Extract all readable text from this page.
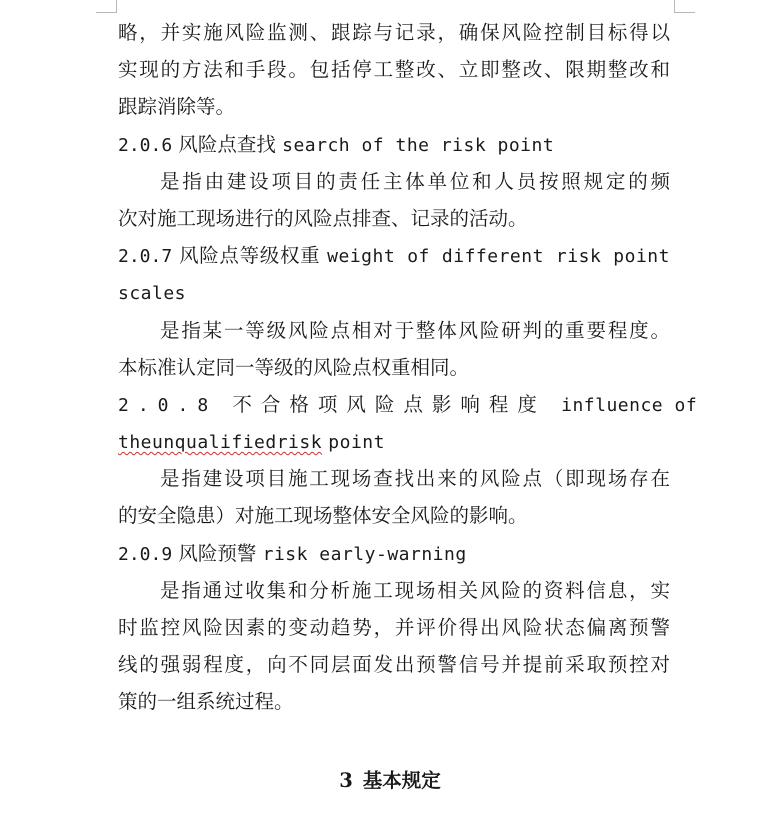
略，并实施风险监测、跟踪与记录，确保风险控制目标得以
实现的方法和手段。包括停工整改、立即整改、限期整改和
跟踪消除等。
2.0.6 风险点查找 search of the risk point
是指由建设项目的责任主体单位和人员按照规定的频
次对施工现场进行的风险点排查、记录的活动。
2.0.7 风险点等级权重 weight of different risk point
scales
是指某一等级风险点相对于整体风险研判的重要程度。
本标准认定同一等级的风险点权重相同。
2.0.8 不合格项风险点影响程度 influence of
theunqualifiedrisk point
是指建设项目施工现场查找出来的风险点（即现场存在
的安全隐患）对施工现场整体安全风险的影响。
2.0.9 风险预警 risk early-warning
是指通过收集和分析施工现场相关风险的资料信息，实
时监控风险因素的变动趋势，并评价得出风险状态偏离预警
线的强弱程度，向不同层面发出预警信号并提前采取预控对
策的一组系统过程。
3 基本规定
